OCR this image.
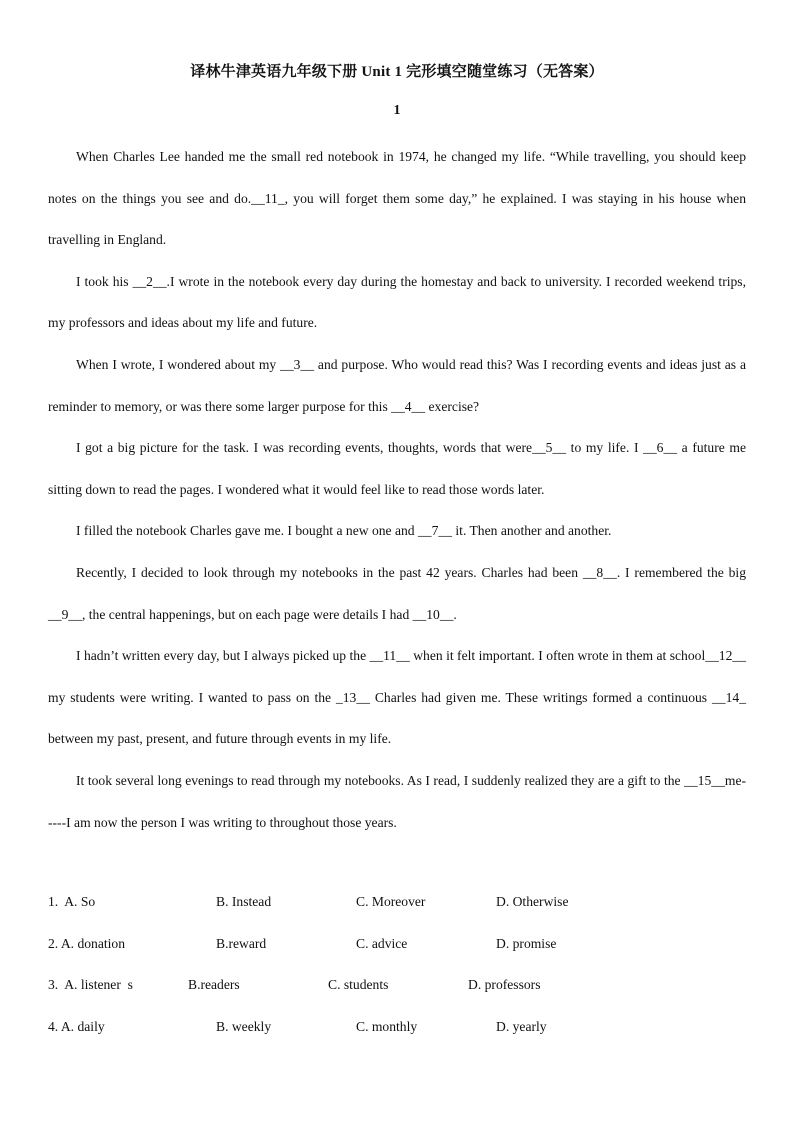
译林牛津英语九年级下册 Unit 1 完形填空随堂练习（无答案）
1

When Charles Lee handed me the small red notebook in 1974, he changed my life. “While travelling, you should keep notes on the things you see and do.__11_, you will forget them some day,” he explained. I was staying in his house when travelling in England.

I took his __2__.I wrote in the notebook every day during the homestay and back to university. I recorded weekend trips, my professors and ideas about my life and future.

When I wrote, I wondered about my __3__ and purpose. Who would read this? Was I recording events and ideas just as a reminder to memory, or was there some larger purpose for this __4__ exercise?

I got a big picture for the task. I was recording events, thoughts, words that were__5__ to my life. I __6__ a future me sitting down to read the pages. I wondered what it would feel like to read those words later.

I filled the notebook Charles gave me. I bought a new one and __7__ it. Then another and another.

Recently, I decided to look through my notebooks in the past 42 years. Charles had been __8__. I remembered the big __9__, the central happenings, but on each page were details I had __10__.

I hadn’t written every day, but I always picked up the __11__ when it felt important. I often wrote in them at school__12__ my students were writing. I wanted to pass on the _13__ Charles had given me. These writings formed a continuous __14_ between my past, present, and future through events in my life.

It took several long evenings to read through my notebooks. As I read, I suddenly realized they are a gift to the __15__me-----I am now the person I was writing to throughout those years.

1.  A. So	B. Instead	C. Moreover	D. Otherwise
2. A. donation	B.reward	C. advice	D. promise
3.  A. listener  s	B.readers	C. students	D. professors
4. A. daily	B. weekly	C. monthly	D. yearly
